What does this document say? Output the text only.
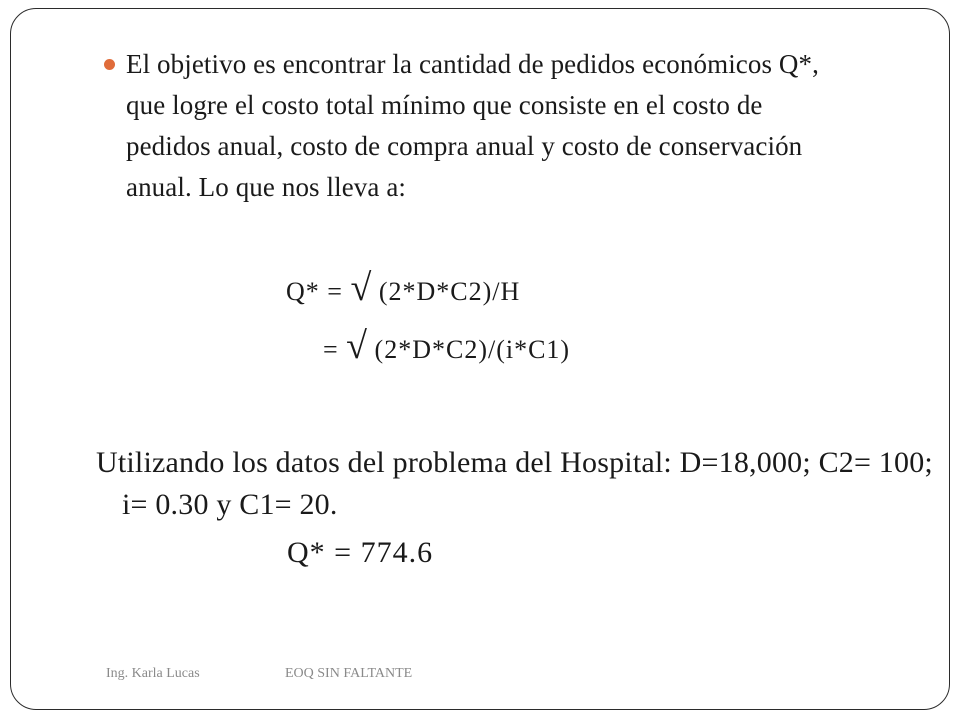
El objetivo es encontrar la cantidad de pedidos económicos Q*, que logre el costo total mínimo que consiste en el costo de pedidos anual, costo de compra anual y costo de conservación anual. Lo que nos lleva a:

Q* = √ (2*D*C2)/H
= √ (2*D*C2)/(i*C1)

Utilizando los datos del problema del Hospital: D=18,000; C2= 100; i= 0.30 y C1= 20.

Q* = 774.6
Ing. Karla Lucas	EOQ SIN FALTANTE
